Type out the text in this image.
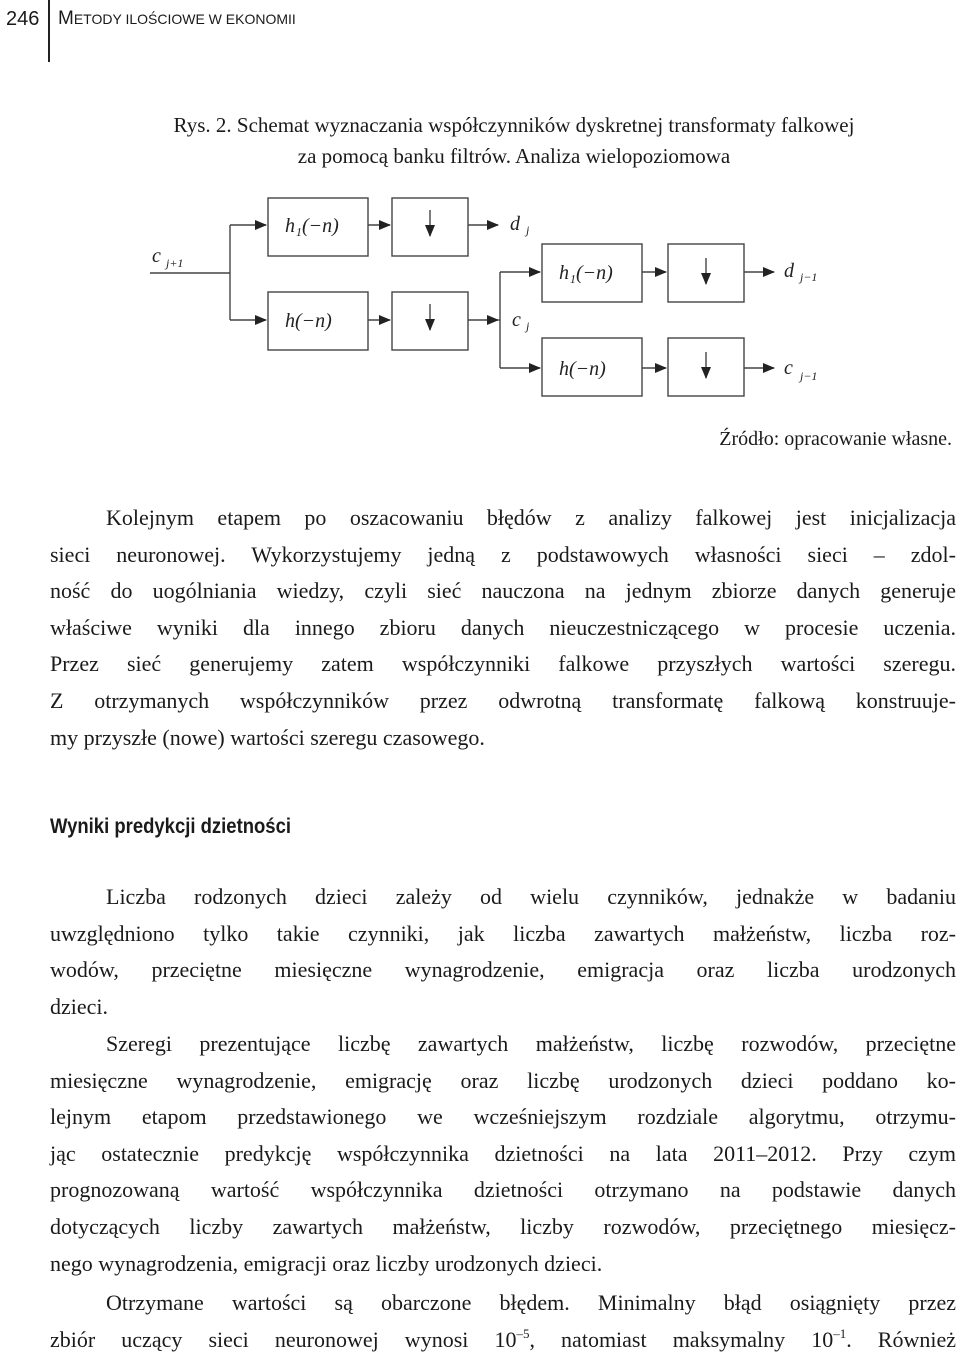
246 METODY ILOŚCIOWE W EKONOMII
Rys. 2. Schemat wyznaczania współczynników dyskretnej transformaty falkowej
za pomocą banku filtrów. Analiza wielopoziomowa
c j+1
h₁(−n)
h(−n)
d j
c j
h₁(−n)
h(−n)
d j−1
c j−1
Źródło: opracowanie własne.
Kolejnym etapem po oszacowaniu błędów z analizy falkowej jest inicjalizacja
sieci neuronowej. Wykorzystujemy jedną z podstawowych własności sieci – zdol-
ność do uogólniania wiedzy, czyli sieć nauczona na jednym zbiorze danych generuje
właściwe wyniki dla innego zbioru danych nieuczestniczącego w procesie uczenia.
Przez sieć generujemy zatem współczynniki falkowe przyszłych wartości szeregu.
Z otrzymanych współczynników przez odwrotną transformatę falkową konstruuje-
my przyszłe (nowe) wartości szeregu czasowego.
Wyniki predykcji dzietności
Liczba rodzonych dzieci zależy od wielu czynników, jednakże w badaniu
uwzględniono tylko takie czynniki, jak liczba zawartych małżeństw, liczba roz-
wodów, przeciętne miesięczne wynagrodzenie, emigracja oraz liczba urodzonych
dzieci.
Szeregi prezentujące liczbę zawartych małżeństw, liczbę rozwodów, przeciętne
miesięczne wynagrodzenie, emigrację oraz liczbę urodzonych dzieci poddano ko-
lejnym etapom przedstawionego we wcześniejszym rozdziale algorytmu, otrzymu-
jąc ostatecznie predykcję współczynnika dzietności na lata 2011–2012. Przy czym
prognozowaną wartość współczynnika dzietności otrzymano na podstawie danych
dotyczących liczby zawartych małżeństw, liczby rozwodów, przeciętnego miesięcz-
nego wynagrodzenia, emigracji oraz liczby urodzonych dzieci.
Otrzymane wartości są obarczone błędem. Minimalny błąd osiągnięty przez
zbiór uczący sieci neuronowej wynosi $10^{-5}$, natomiast maksymalny $10^{-1}$. Również
